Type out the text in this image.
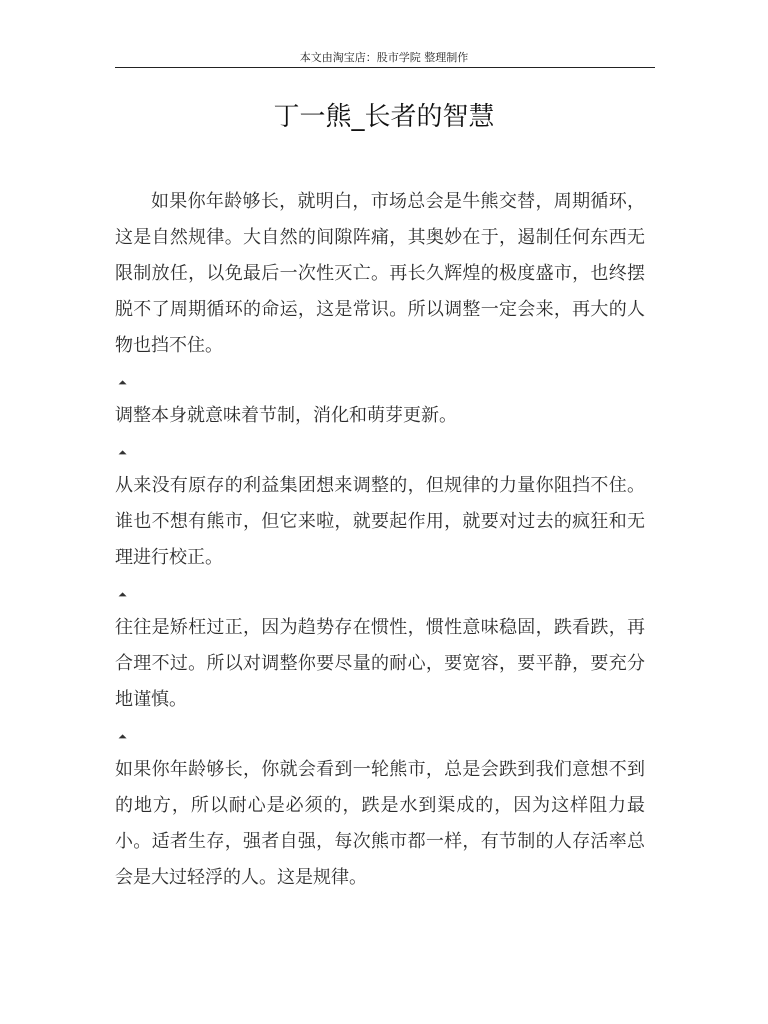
本文由淘宝店：股市学院 整理制作
丁一熊_长者的智慧

如果你年龄够长，就明白，市场总会是牛熊交替，周期循环，这是自然规律。大自然的间隙阵痛，其奥妙在于，遏制任何东西无限制放任，以免最后一次性灭亡。再长久辉煌的极度盛市，也终摆脱不了周期循环的命运，这是常识。所以调整一定会来，再大的人物也挡不住。

⏶

调整本身就意味着节制，消化和萌芽更新。

⏶

从来没有原存的利益集团想来调整的，但规律的力量你阻挡不住。谁也不想有熊市，但它来啦，就要起作用，就要对过去的疯狂和无理进行校正。

⏶

往往是矫枉过正，因为趋势存在惯性，惯性意味稳固，跌看跌，再合理不过。所以对调整你要尽量的耐心，要宽容，要平静，要充分地谨慎。

⏶

如果你年龄够长，你就会看到一轮熊市，总是会跌到我们意想不到的地方，所以耐心是必须的，跌是水到渠成的，因为这样阻力最小。适者生存，强者自强，每次熊市都一样，有节制的人存活率总会是大过轻浮的人。这是规律。
